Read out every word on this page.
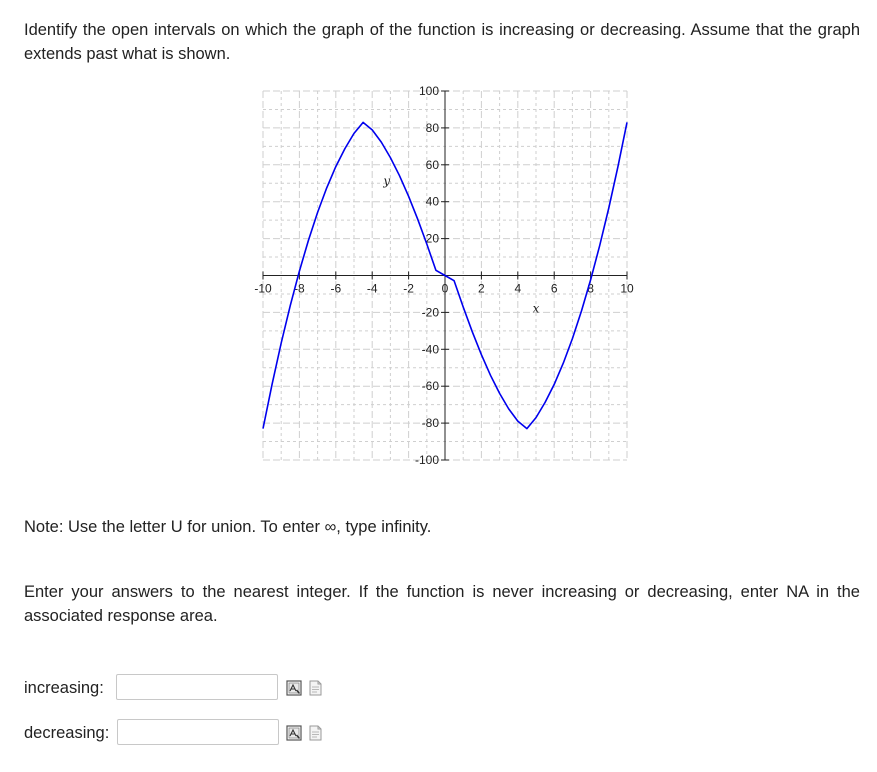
Identify the open intervals on which the graph of the function is increasing or decreasing. Assume that the graph extends past what is shown.

-10 -8 -6 -4 -2 0 2 4 6 8 10
100
80
60
40
20
-20
-40
-60
-80
-100
x
y

Note: Use the letter U for union. To enter ∞, type infinity.

Enter your answers to the nearest integer. If the function is never increasing or decreasing, enter NA in the associated response area.

increasing:
decreasing:
